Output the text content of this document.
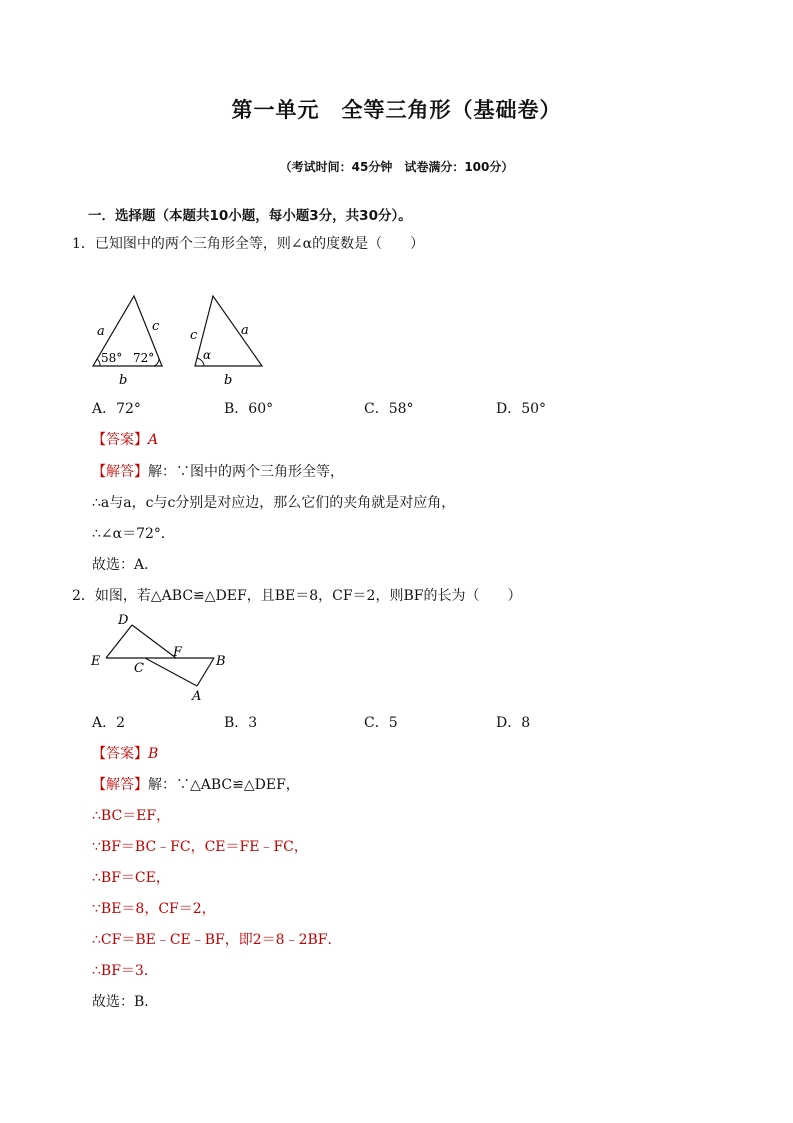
第一单元　全等三角形（基础卷）
（考试时间：45分钟　试卷满分：100分）
一．选择题（本题共10小题，每小题3分，共30分）。
1．已知图中的两个三角形全等，则∠α的度数是（　　）
a	c
58° 72°
b
c	a
α
b
A．72°	B．60°	C．58°	D．50°
【答案】A
【解答】解：∵图中的两个三角形全等，
∴a与a，c与c分别是对应边，那么它们的夹角就是对应角，
∴∠α＝72°．
故选：A．
2．如图，若△ABC≌△DEF，且BE＝8，CF＝2，则BF的长为（　　）
D
E
F
C	B
A
A．2	B．3	C．5	D．8
【答案】B
【解答】解：∵△ABC≌△DEF，
∴BC＝EF，
∵BF＝BC﹣FC，CE＝FE﹣FC，
∴BF＝CE，
∵BE＝8，CF＝2，
∴CF＝BE﹣CE﹣BF，即2＝8﹣2BF．
∴BF＝3．
故选：B．
